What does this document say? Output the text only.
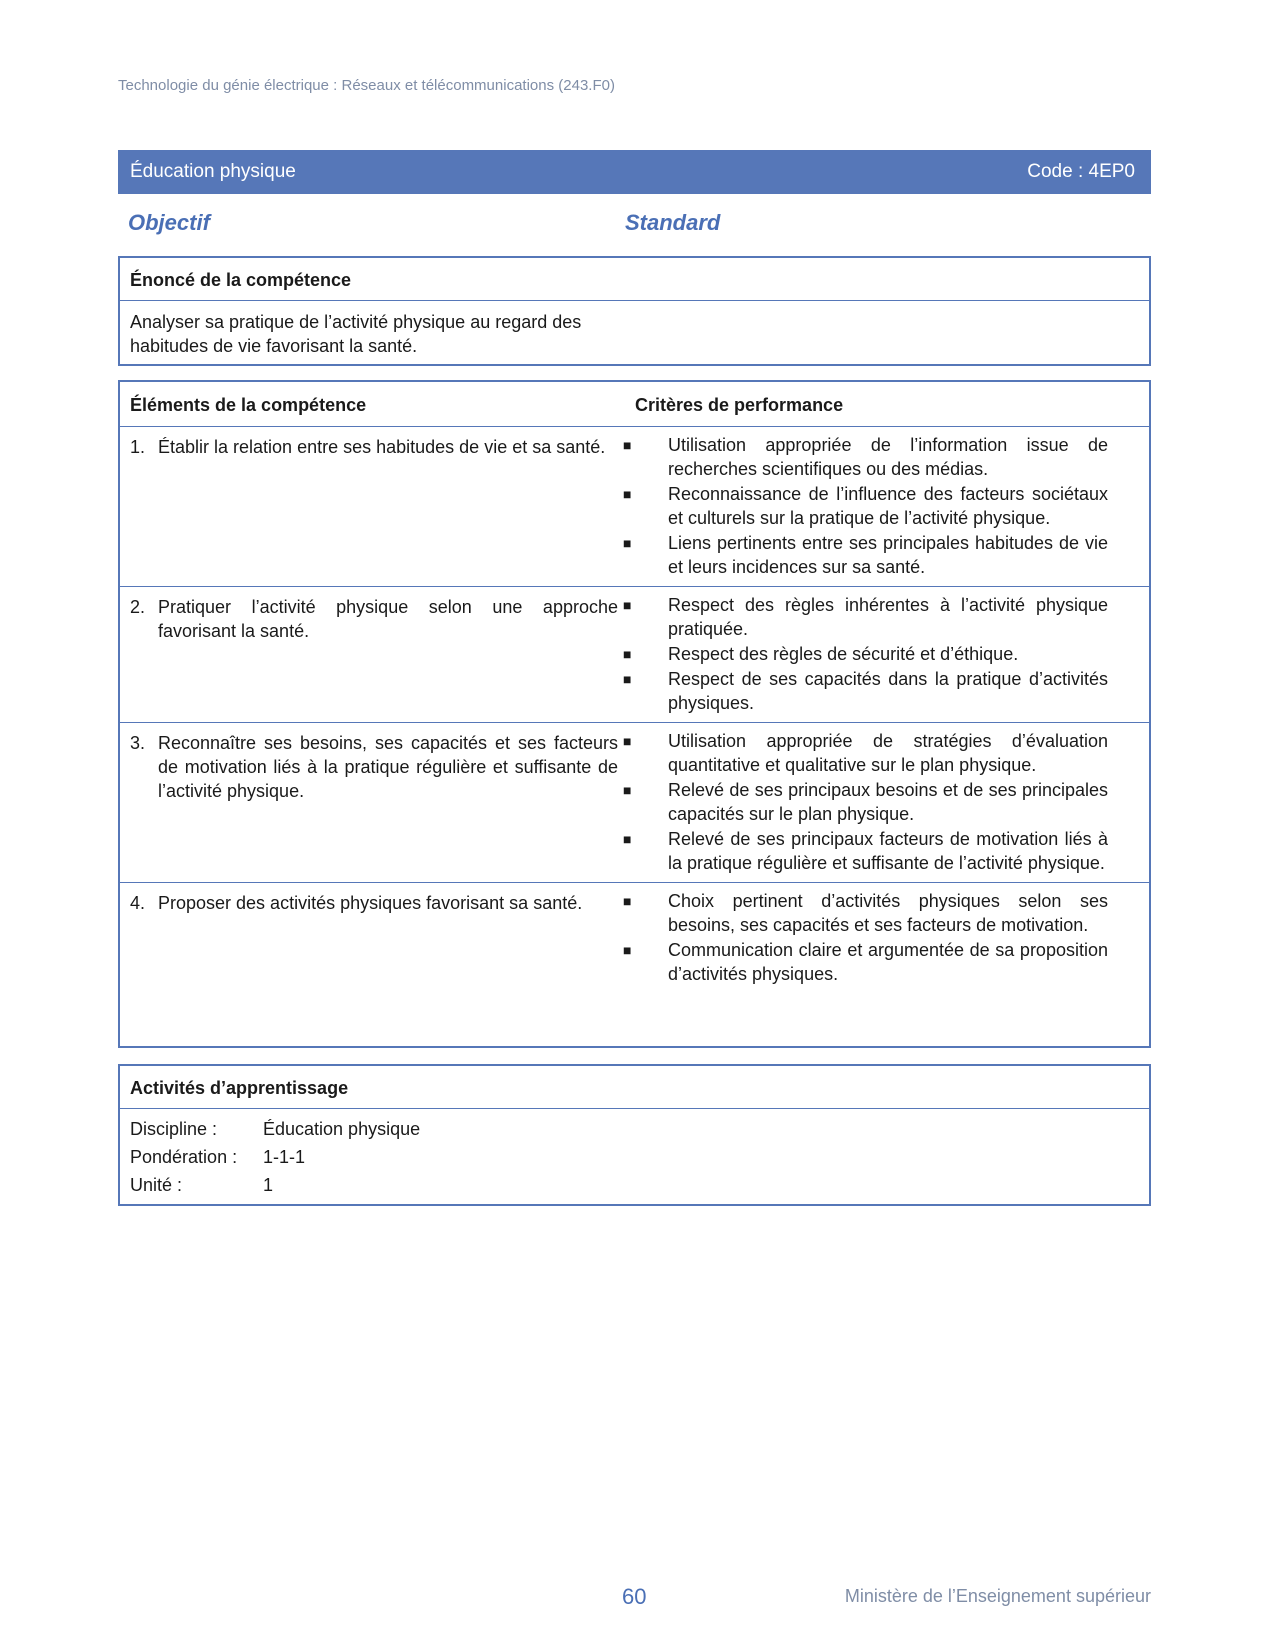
Technologie du génie électrique : Réseaux et télécommunications (243.F0)
Éducation physique	Code : 4EP0
Objectif	Standard
Énoncé de la compétence
Analyser sa pratique de l’activité physique au regard des habitudes de vie favorisant la santé.
Éléments de la compétence	Critères de performance
1. Établir la relation entre ses habitudes de vie et sa santé.	■	Utilisation appropriée de l’information issue de recherches scientifiques ou des médias.
■	Reconnaissance de l’influence des facteurs sociétaux et culturels sur la pratique de l’activité physique.
■	Liens pertinents entre ses principales habitudes de vie et leurs incidences sur sa santé.
2. Pratiquer l’activité physique selon une approche favorisant la santé.
■	Respect des règles inhérentes à l’activité physique pratiquée.
■	Respect des règles de sécurité et d’éthique.
■	Respect de ses capacités dans la pratique d’activités physiques.
3. Reconnaître ses besoins, ses capacités et ses facteurs de motivation liés à la pratique régulière et suffisante de l’activité physique.
■	Utilisation appropriée de stratégies d’évaluation quantitative et qualitative sur le plan physique.
■	Relevé de ses principaux besoins et de ses principales capacités sur le plan physique.
■	Relevé de ses principaux facteurs de motivation liés à la pratique régulière et suffisante de l’activité physique.
4. Proposer des activités physiques favorisant sa santé.	■	Choix pertinent d’activités physiques selon ses besoins, ses capacités et ses facteurs de motivation.
■	Communication claire et argumentée de sa proposition d’activités physiques.
Activités d’apprentissage
Discipline :	Éducation physique
Pondération :	1-1-1
Unité :	1
60	Ministère de l’Enseignement supérieur
